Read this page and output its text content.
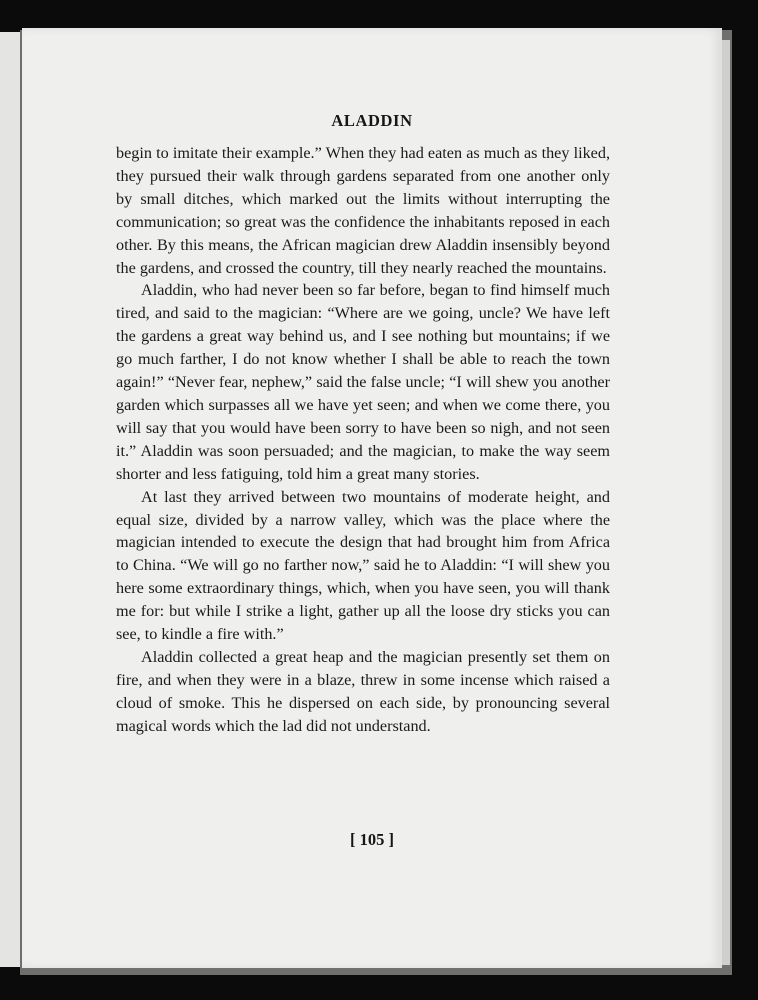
ALADDIN

begin to imitate their example.” When they had eaten as much as they liked, they pursued their walk through gardens separated from one another only by small ditches, which marked out the limits without interrupting the communication; so great was the confidence the inhabitants reposed in each other. By this means, the African magician drew Aladdin insensibly beyond the gardens, and crossed the country, till they nearly reached the mountains.

Aladdin, who had never been so far before, began to find himself much tired, and said to the magician: “Where are we going, uncle? We have left the gardens a great way behind us, and I see nothing but mountains; if we go much farther, I do not know whether I shall be able to reach the town again!” “Never fear, nephew,” said the false uncle; “I will shew you another garden which surpasses all we have yet seen; and when we come there, you will say that you would have been sorry to have been so nigh, and not seen it.” Aladdin was soon persuaded; and the magician, to make the way seem shorter and less fatiguing, told him a great many stories.

At last they arrived between two mountains of moderate height, and equal size, divided by a narrow valley, which was the place where the magician intended to execute the design that had brought him from Africa to China. “We will go no farther now,” said he to Aladdin: “I will shew you here some extraordinary things, which, when you have seen, you will thank me for: but while I strike a light, gather up all the loose dry sticks you can see, to kindle a fire with.”

Aladdin collected a great heap and the magician presently set them on fire, and when they were in a blaze, threw in some incense which raised a cloud of smoke. This he dispersed on each side, by pronouncing several magical words which the lad did not understand.

[ 105 ]
